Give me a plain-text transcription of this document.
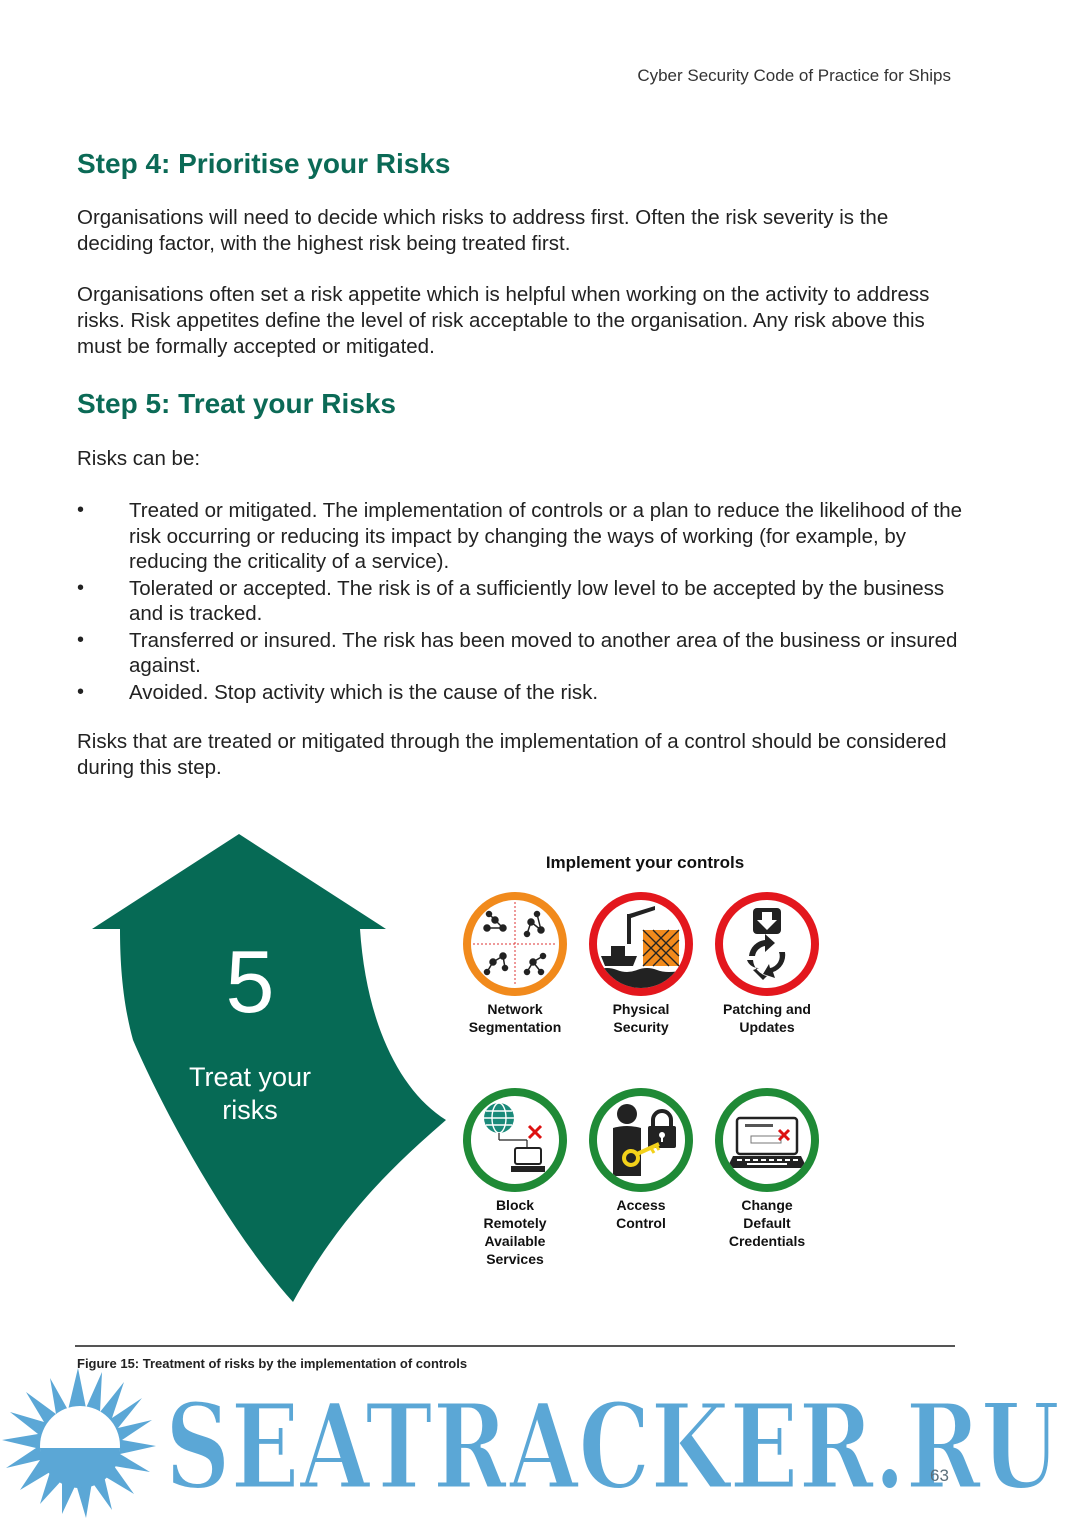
Cyber Security Code of Practice for Ships
Step 4: Prioritise your Risks

Organisations will need to decide which risks to address first. Often the risk severity is the deciding factor, with the highest risk being treated first.

Organisations often set a risk appetite which is helpful when working on the activity to address risks. Risk appetites define the level of risk acceptable to the organisation. Any risk above this must be formally accepted or mitigated.

Step 5: Treat your Risks

Risks can be:

• Treated or mitigated. The implementation of controls or a plan to reduce the likelihood of the risk occurring or reducing its impact by changing the ways of working (for example, by reducing the criticality of a service).
• Tolerated or accepted. The risk is of a sufficiently low level to be accepted by the business and is tracked.
• Transferred or insured. The risk has been moved to another area of the business or insured against.
• Avoided. Stop activity which is the cause of the risk.

Risks that are treated or mitigated through the implementation of a control should be considered during this step.

5
Treat your
risks
Implement your controls
Network
Segmentation
Physical
Security
Patching and
Updates
Block
Remotely
Available
Services
Access
Control
Change
Default
Credentials
Figure 15: Treatment of risks by the implementation of controls
SEATRACKER.RU
63
